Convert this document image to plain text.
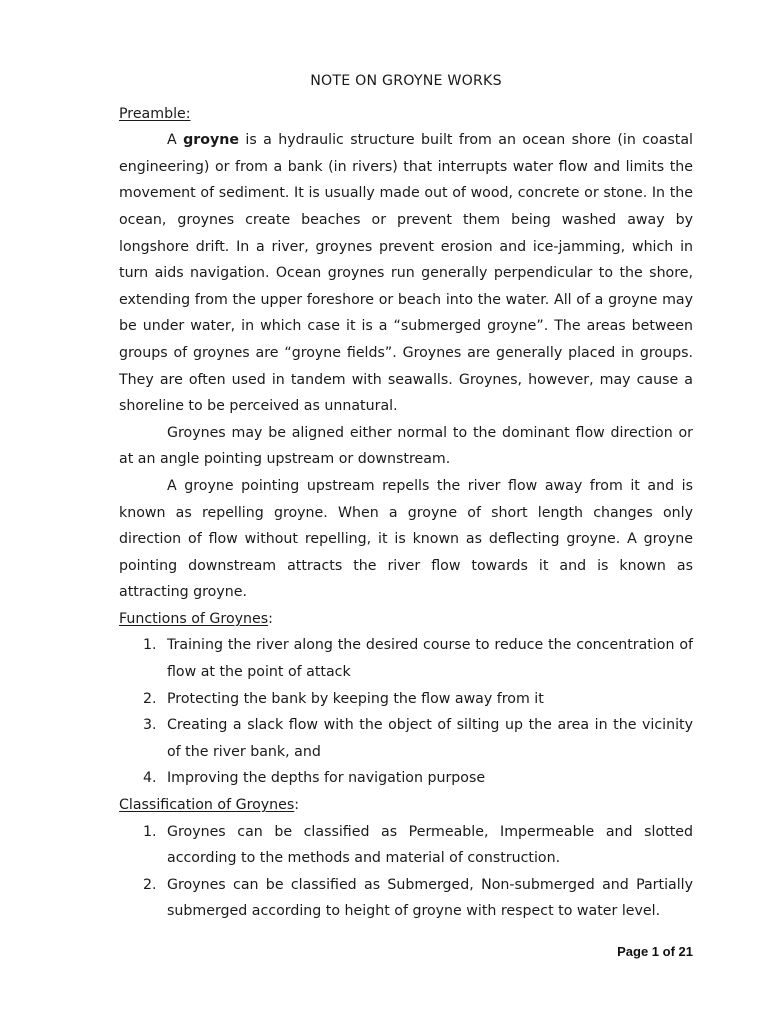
NOTE ON GROYNE WORKS
Preamble:

A groyne is a hydraulic structure built from an ocean shore (in coastal engineering) or from a bank (in rivers) that interrupts water flow and limits the movement of sediment. It is usually made out of wood, concrete or stone. In the ocean, groynes create beaches or prevent them being washed away by longshore drift. In a river, groynes prevent erosion and ice-jamming, which in turn aids navigation. Ocean groynes run generally perpendicular to the shore, extending from the upper foreshore or beach into the water. All of a groyne may be under water, in which case it is a “submerged groyne”. The areas between groups of groynes are “groyne fields”. Groynes are generally placed in groups. They are often used in tandem with seawalls. Groynes, however, may cause a shoreline to be perceived as unnatural.

Groynes may be aligned either normal to the dominant flow direction or at an angle pointing upstream or downstream.

A groyne pointing upstream repells the river flow away from it and is known as repelling groyne. When a groyne of short length changes only direction of flow without repelling, it is known as deflecting groyne. A groyne pointing downstream attracts the river flow towards it and is known as attracting groyne.

Functions of Groynes:
1. Training the river along the desired course to reduce the concentration of flow at the point of attack
2. Protecting the bank by keeping the flow away from it
3. Creating a slack flow with the object of silting up the area in the vicinity of the river bank, and
4. Improving the depths for navigation purpose
Classification of Groynes:
1. Groynes can be classified as Permeable, Impermeable and slotted according to the methods and material of construction.
2. Groynes can be classified as Submerged, Non-submerged and Partially submerged according to height of groyne with respect to water level.
Page 1 of 21
